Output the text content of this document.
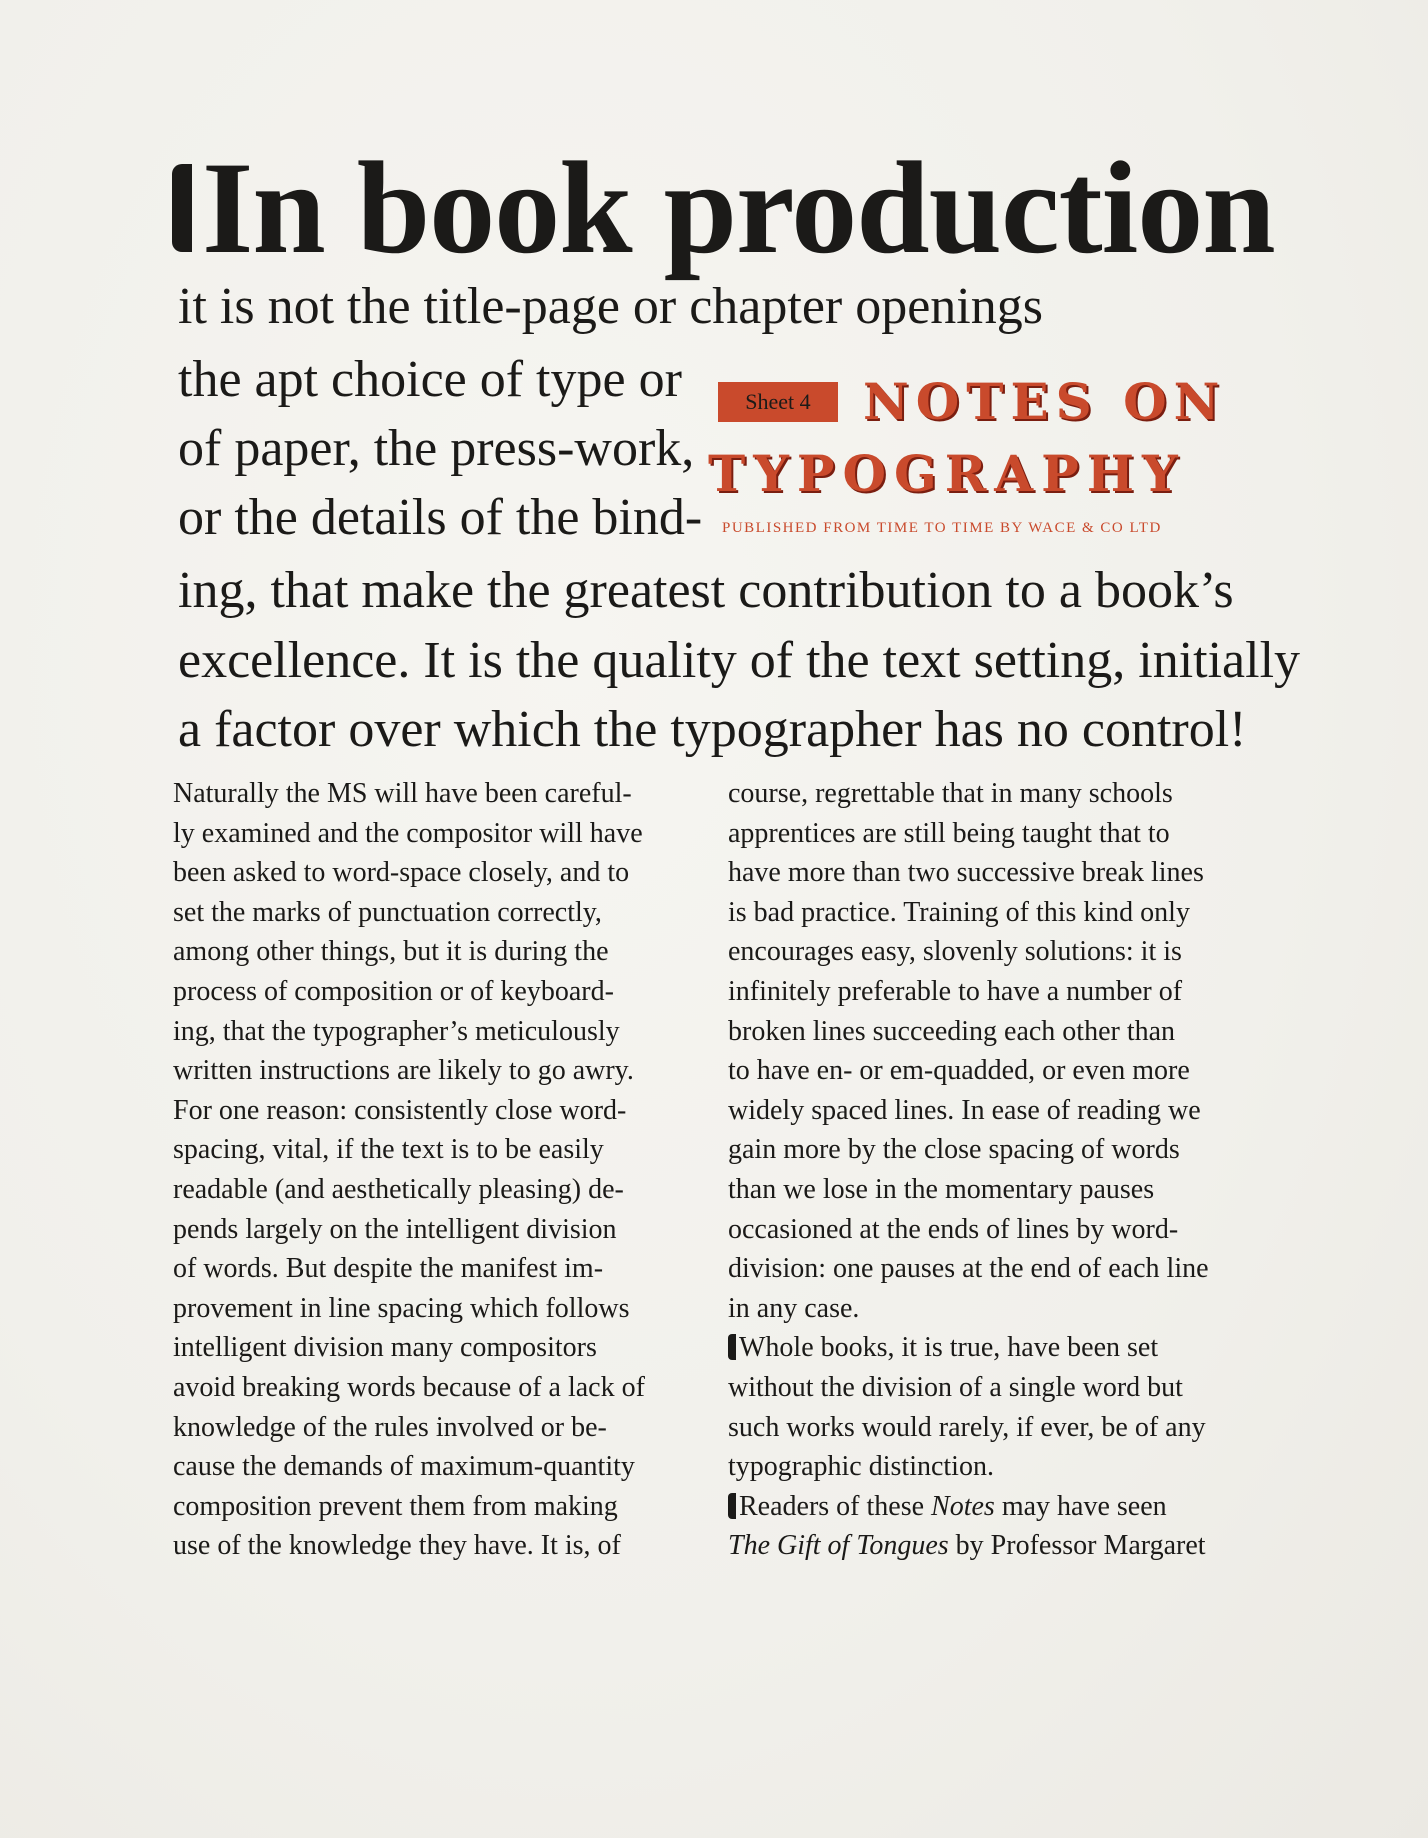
In book production

it is not the title-page or chapter openings

the apt choice of type or

of paper, the press-work,

or the details of the bind-

ing, that make the greatest contribution to a book’s

excellence. It is the quality of the text setting, initially

a factor over which the typographer has no control!

Sheet 4	NOTES ON
TYPOGRAPHY
PUBLISHED FROM TIME TO TIME BY WACE & CO LTD

Naturally the MS will have been careful-

ly examined and the compositor will have

been asked to word-space closely, and to

set the marks of punctuation correctly,

among other things, but it is during the

process of composition or of keyboard-

ing, that the typographer’s meticulously

written instructions are likely to go awry.

For one reason: consistently close word-

spacing, vital, if the text is to be easily

readable (and aesthetically pleasing) de-

pends largely on the intelligent division

of words. But despite the manifest im-

provement in line spacing which follows

intelligent division many compositors

avoid breaking words because of a lack of

knowledge of the rules involved or be-

cause the demands of maximum-quantity

composition prevent them from making

use of the knowledge they have. It is, of

course, regrettable that in many schools

apprentices are still being taught that to

have more than two successive break lines

is bad practice. Training of this kind only

encourages easy, slovenly solutions: it is

infinitely preferable to have a number of

broken lines succeeding each other than

to have en- or em-quadded, or even more

widely spaced lines. In ease of reading we

gain more by the close spacing of words

than we lose in the momentary pauses

occasioned at the ends of lines by word-

division: one pauses at the end of each line

in any case.

Whole books, it is true, have been set

without the division of a single word but

such works would rarely, if ever, be of any

typographic distinction.

Readers of these Notes may have seen

The Gift of Tongues by Professor Margaret
